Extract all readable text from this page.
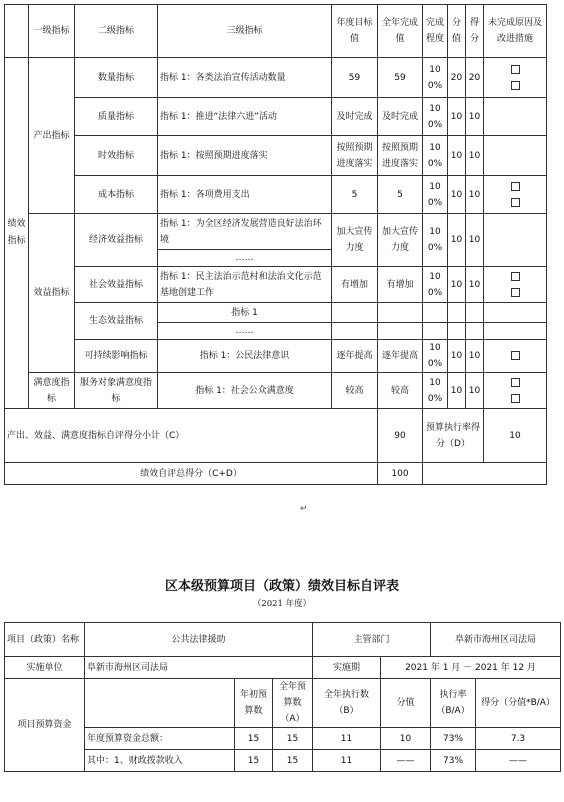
	一级指标	二级指标	三级指标	年度目标值	全年完成值	完成程度	分值	得分	未完成原因及改进措施
绩效指标	产出指标	数量指标	指标 1：各类法治宣传活动数量	59	59	100%	20	20	

		质量指标	指标 1：推进“法律六进”活动	及时完成	及时完成	100%	10	10	
		时效指标	指标 1：按照预期进度落实	按照预期进度落实	按照预期进度落实	100%	10	10	
		成本指标	指标 1：各项费用支出	5	5	100%	10	10	

	效益指标	经济效益指标	指标 1：为全区经济发展营造良好法治环境	加大宣传力度	加大宣传力度	100%	10	10	
			……						
		社会效益指标	指标 1：民主法治示范村和法治文化示范基地创建工作	有增加	有增加	100%	10	10	

		生态效益指标	指标 1						
			……						
		可持续影响指标	指标 1：公民法律意识	逐年提高	逐年提高	100%	10	10	
	满意度指标	服务对象满意度指标	指标 1：社会公众满意度	较高	较高	100%	10	10	

产出、效益、满意度指标自评得分小计（C）					90	预算执行率得分（D）			10
绩效自评总得分（C+D）					100				
↵
区本级预算项目（政策）绩效目标自评表
（2021 年度）
项目（政策）名称	公共法律援助			主管部门		阜新市海州区司法局	
实施单位	阜新市海州区司法局			实施期	2021 年 1 月 － 2021 年 12 月		
项目预算资金		年初预算数	全年预算数（A）	全年执行数（B）	分值	执行率（B/A）	得分（分值*B/A）
	年度预算资金总额：	15	15	11	10	73%	7.3
	其中：1、财政拨款收入	15	15	11	——	73%	——
